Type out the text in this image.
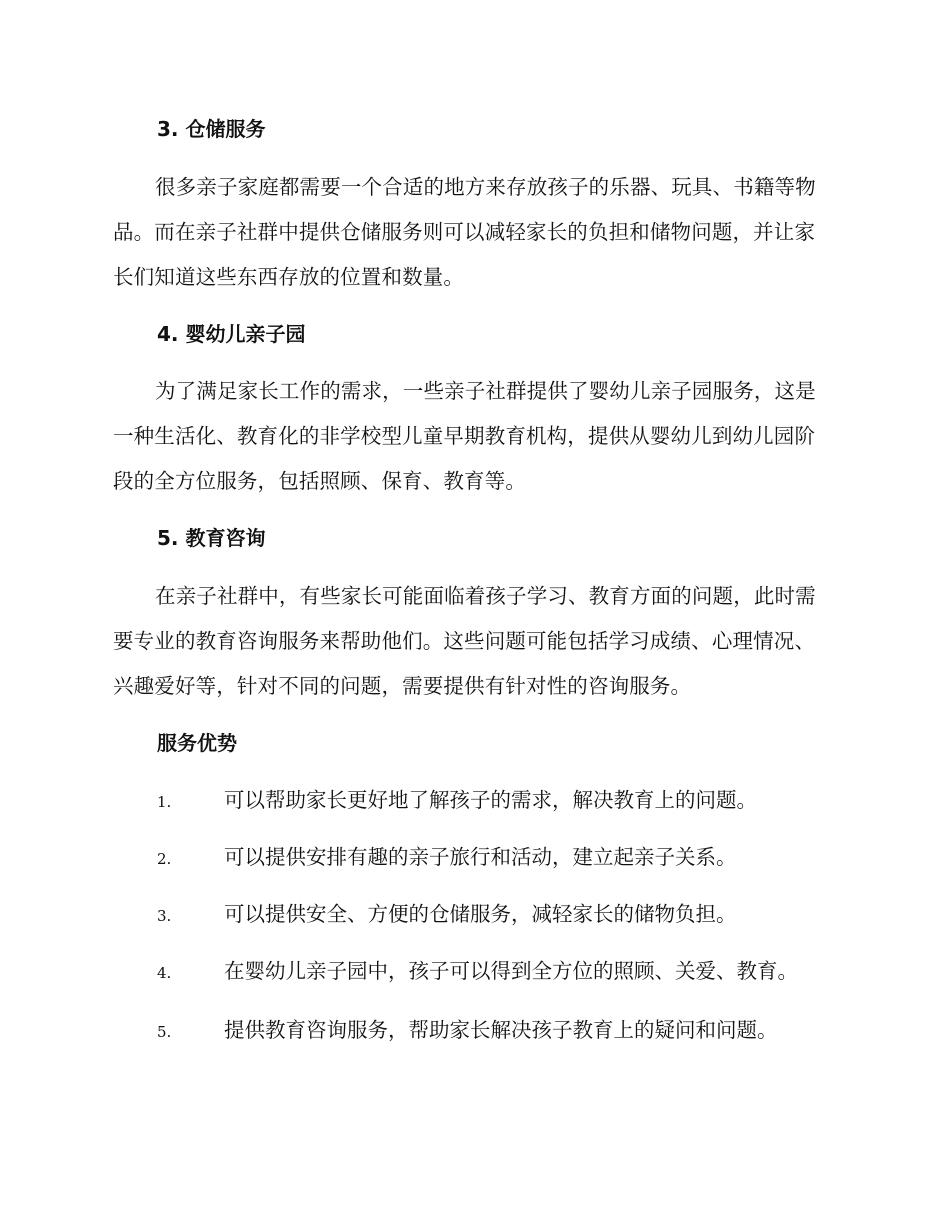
3. 仓储服务
很多亲子家庭都需要一个合适的地方来存放孩子的乐器、玩具、书籍等物品。而在亲子社群中提供仓储服务则可以减轻家长的负担和储物问题，并让家长们知道这些东西存放的位置和数量。
4. 婴幼儿亲子园
为了满足家长工作的需求，一些亲子社群提供了婴幼儿亲子园服务，这是一种生活化、教育化的非学校型儿童早期教育机构，提供从婴幼儿到幼儿园阶段的全方位服务，包括照顾、保育、教育等。
5. 教育咨询
在亲子社群中，有些家长可能面临着孩子学习、教育方面的问题，此时需要专业的教育咨询服务来帮助他们。这些问题可能包括学习成绩、心理情况、兴趣爱好等，针对不同的问题，需要提供有针对性的咨询服务。
服务优势
1.	可以帮助家长更好地了解孩子的需求，解决教育上的问题。
2.	可以提供安排有趣的亲子旅行和活动，建立起亲子关系。
3.	可以提供安全、方便的仓储服务，减轻家长的储物负担。
4.	在婴幼儿亲子园中，孩子可以得到全方位的照顾、关爱、教育。
5.	提供教育咨询服务，帮助家长解决孩子教育上的疑问和问题。
